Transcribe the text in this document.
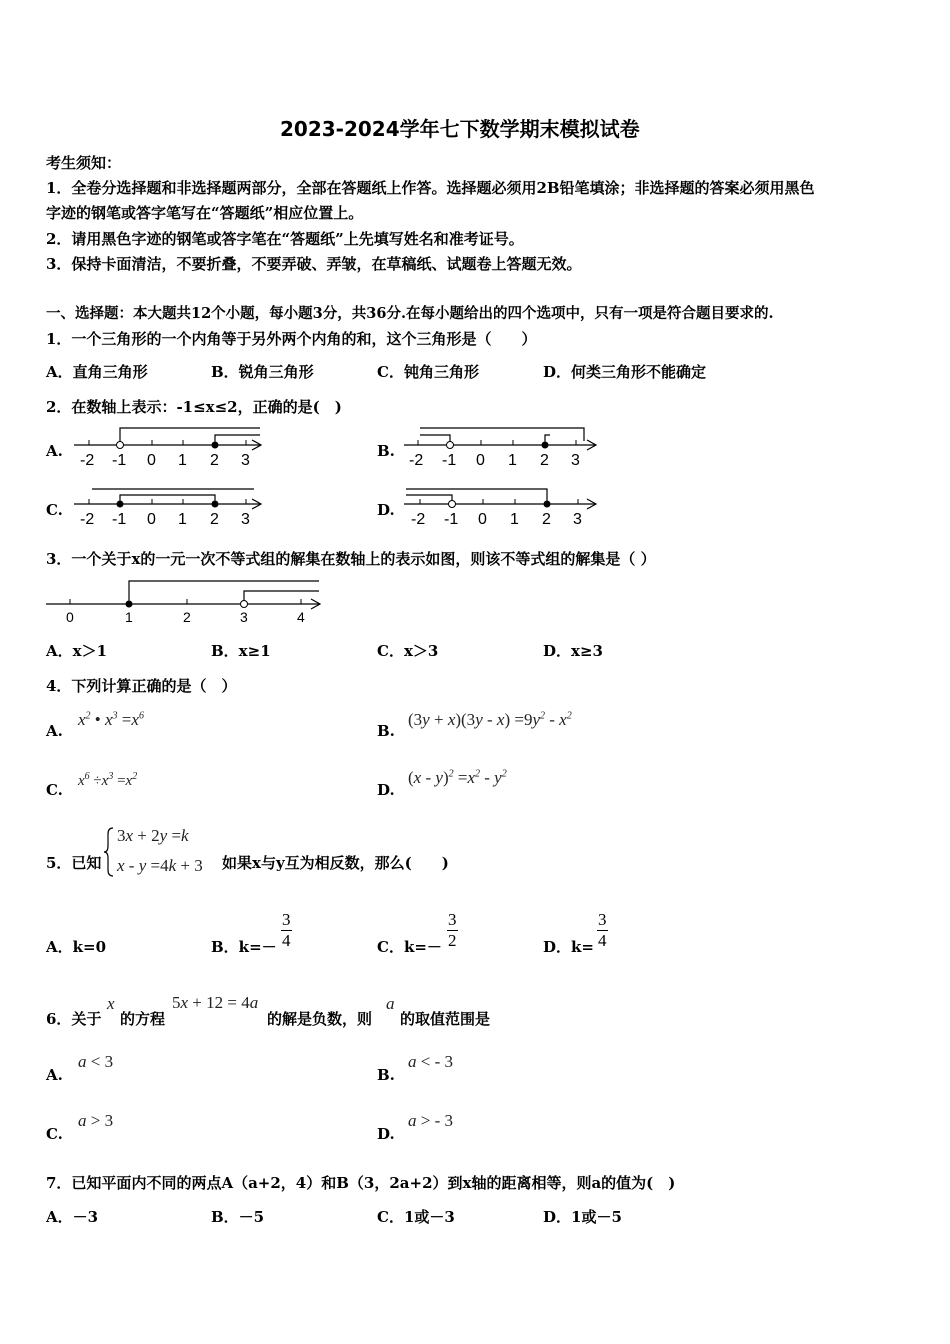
2023-2024学年七下数学期末模拟试卷
考生须知：
1．全卷分选择题和非选择题两部分，全部在答题纸上作答。选择题必须用2B铅笔填涂；非选择题的答案必须用黑色
字迹的钢笔或答字笔写在“答题纸”相应位置上。
2．请用黑色字迹的钢笔或答字笔在“答题纸”上先填写姓名和准考证号。
3．保持卡面清洁，不要折叠，不要弄破、弄皱，在草稿纸、试题卷上答题无效。
一、选择题：本大题共12个小题，每小题3分，共36分.在每小题给出的四个选项中，只有一项是符合题目要求的.
1．一个三角形的一个内角等于另外两个内角的和，这个三角形是（　　）
A．直角三角形	B．锐角三角形	C．钝角三角形	D．何类三角形不能确定
2．在数轴上表示：-1≤x≤2，正确的是(　)
A.
-2 -1 0 1 2 3
B.
-2 -1 0 1 2 3
C.
-2 -1 0 1 2 3
D.
-2 -1 0 1 2 3
3．一个关于x的一元一次不等式组的解集在数轴上的表示如图，则该不等式组的解集是（ ）
0	1	2	3	4
A．x＞1	B．x≥1	C．x＞3	D．x≥3
4．下列计算正确的是（　）
A.
$x^2$ • $x^3 =x^6$
B.
$(3y + x)(3y - x) =9y^2 - x^2$
C. $x^6 \div x^3 =x^2$
D.
$(x - y)^2 =x^2 - y^2$
5．已知
3x + 2y =k
x - y =4k + 3 如果x与y互为相反数，那么(　　)
A．k=0	B．$k=- \frac{3}{4}$	C．$k=- \frac{3}{2}$	D．$k= \frac{3}{4}$
6．关于
x
的方程
5x + 12 = 4a
的解是负数，则
a
的取值范围是
A.
a < 3
B.
a < - 3
C.
a > 3
D.
a > - 3
7．已知平面内不同的两点A（a+2，4）和B（3，2a+2）到x轴的距离相等，则a的值为(　)
A．－3	B．－5	C．1或－3	D．1或－5
